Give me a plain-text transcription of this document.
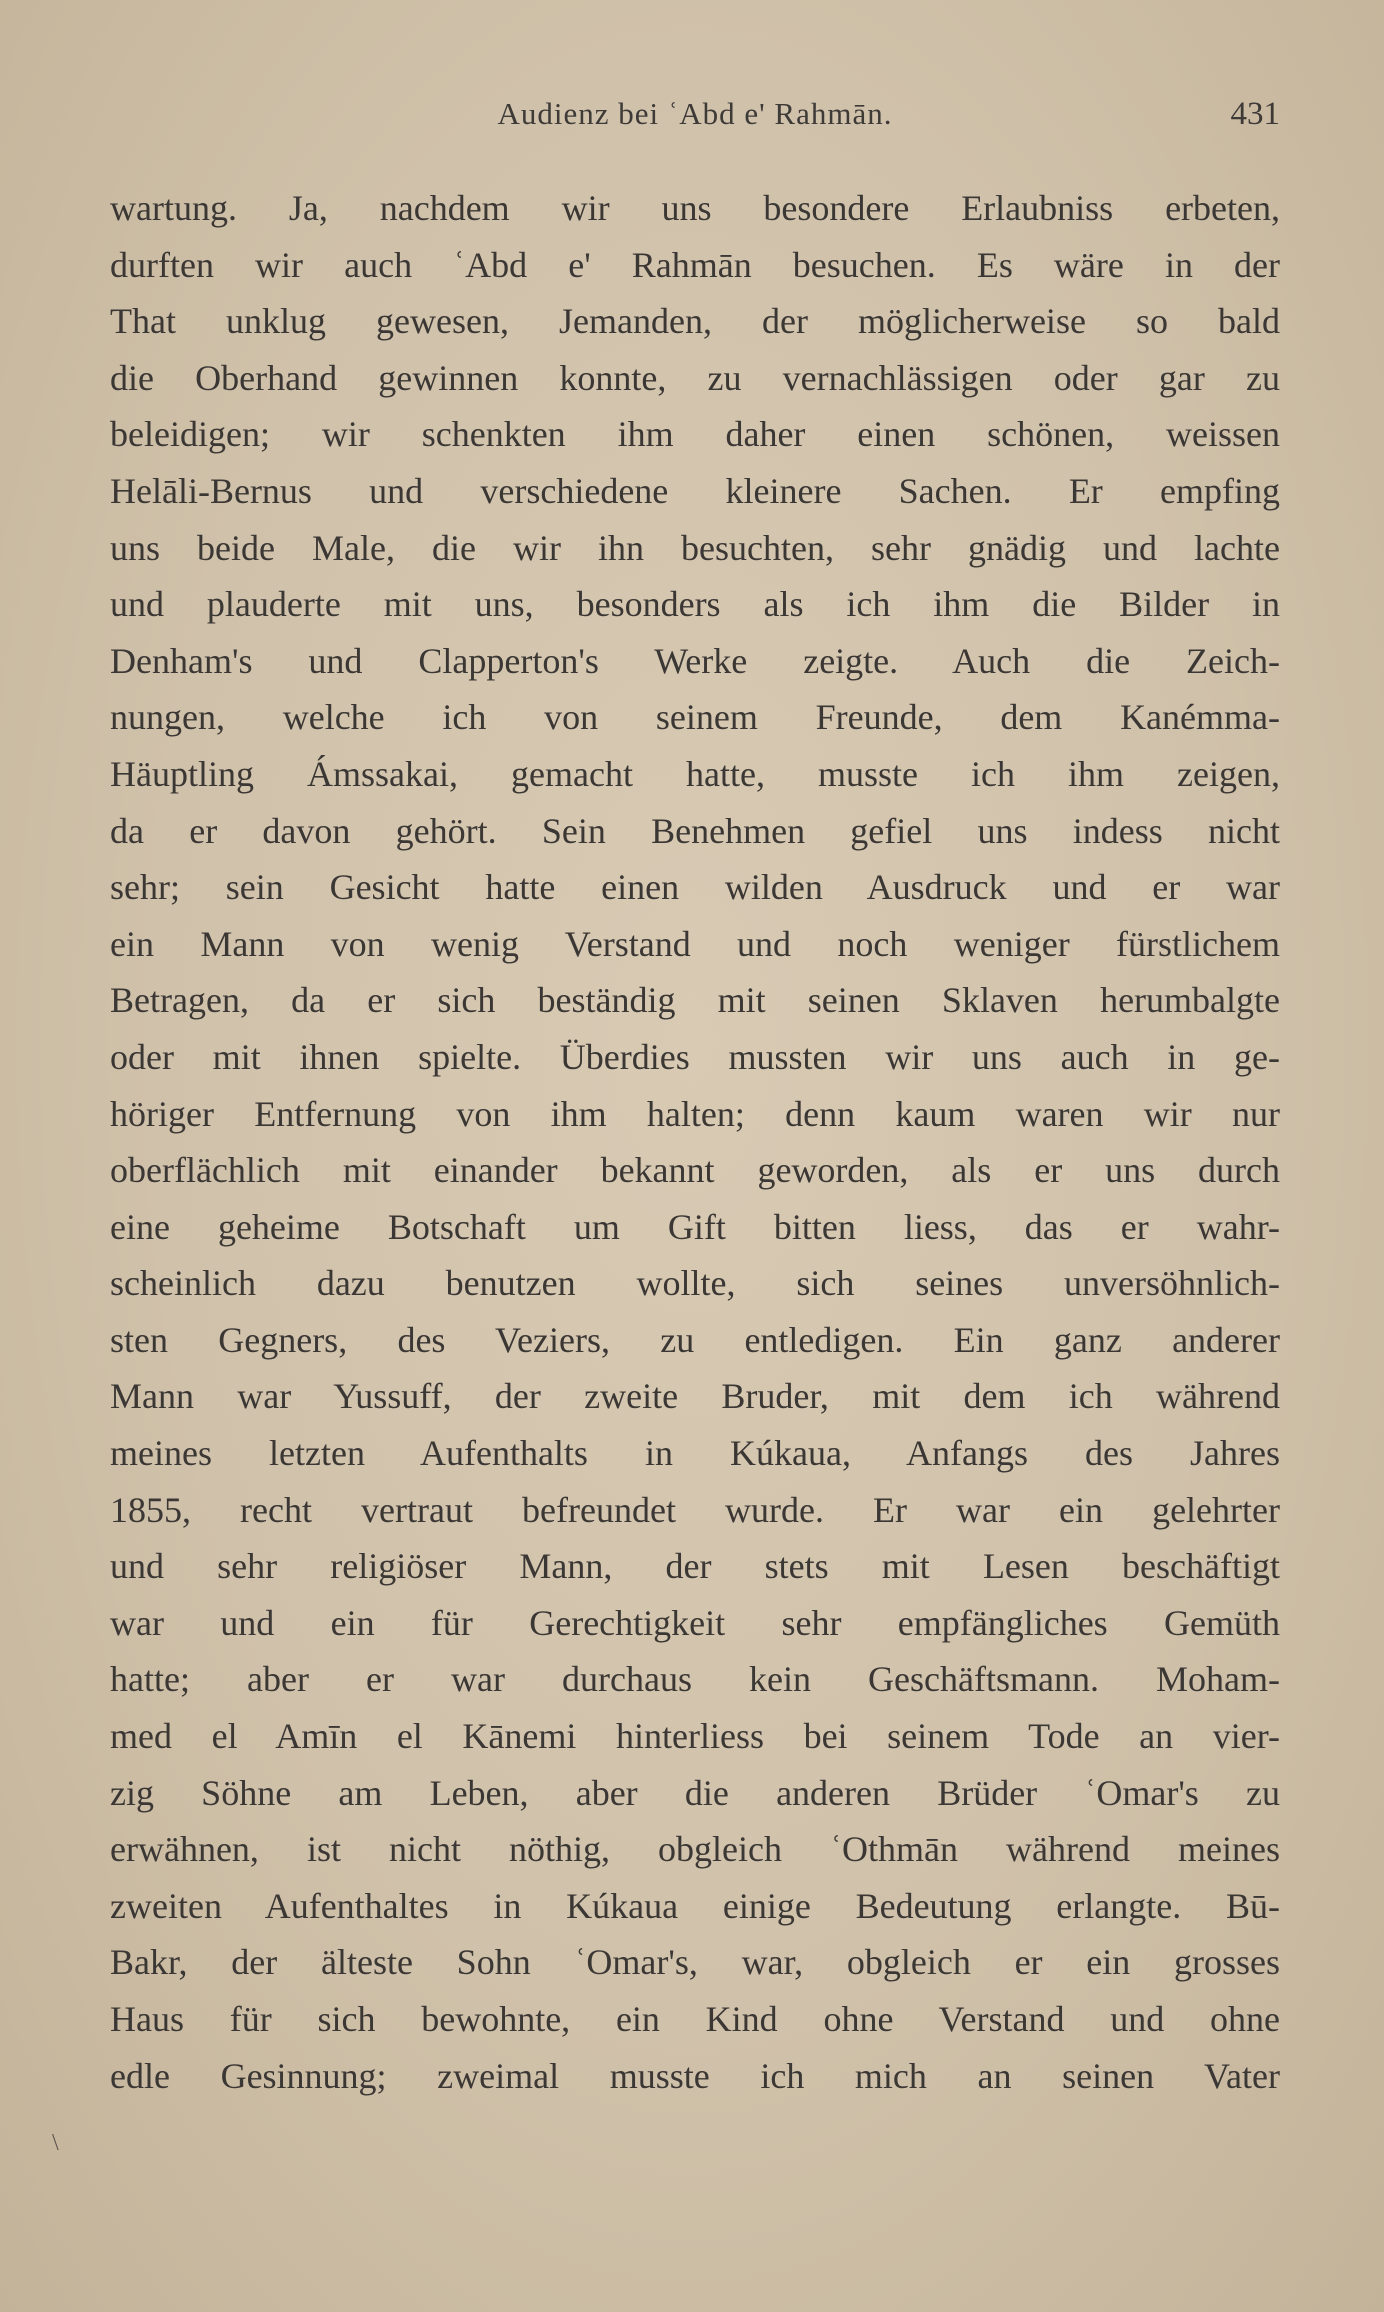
Audienz bei ʿAbd e' Rahmān.	431
wartung. Ja, nachdem wir uns besondere Erlaubniss erbeten,
durften wir auch ʿAbd e' Rahmān besuchen. Es wäre in der
That unklug gewesen, Jemanden, der möglicherweise so bald
die Oberhand gewinnen konnte, zu vernachlässigen oder gar zu
beleidigen; wir schenkten ihm daher einen schönen, weissen
Helāli-Bernus und verschiedene kleinere Sachen. Er empfing
uns beide Male, die wir ihn besuchten, sehr gnädig und lachte
und plauderte mit uns, besonders als ich ihm die Bilder in
Denham's und Clapperton's Werke zeigte. Auch die Zeich-
nungen, welche ich von seinem Freunde, dem Kanémma-
Häuptling Ámssakai, gemacht hatte, musste ich ihm zeigen,
da er davon gehört. Sein Benehmen gefiel uns indess nicht
sehr; sein Gesicht hatte einen wilden Ausdruck und er war
ein Mann von wenig Verstand und noch weniger fürstlichem
Betragen, da er sich beständig mit seinen Sklaven herumbalgte
oder mit ihnen spielte. Überdies mussten wir uns auch in ge-
höriger Entfernung von ihm halten; denn kaum waren wir nur
oberflächlich mit einander bekannt geworden, als er uns durch
eine geheime Botschaft um Gift bitten liess, das er wahr-
scheinlich dazu benutzen wollte, sich seines unversöhnlich-
sten Gegners, des Veziers, zu entledigen. Ein ganz anderer
Mann war Yussuff, der zweite Bruder, mit dem ich während
meines letzten Aufenthalts in Kúkaua, Anfangs des Jahres
1855, recht vertraut befreundet wurde. Er war ein gelehrter
und sehr religiöser Mann, der stets mit Lesen beschäftigt
war und ein für Gerechtigkeit sehr empfängliches Gemüth
hatte; aber er war durchaus kein Geschäftsmann. Moham-
med el Amīn el Kānemi hinterliess bei seinem Tode an vier-
zig Söhne am Leben, aber die anderen Brüder ʿOmar's zu
erwähnen, ist nicht nöthig, obgleich ʿOthmān während meines
zweiten Aufenthaltes in Kúkaua einige Bedeutung erlangte. Bū-
Bakr, der älteste Sohn ʿOmar's, war, obgleich er ein grosses
Haus für sich bewohnte, ein Kind ohne Verstand und ohne
edle Gesinnung; zweimal musste ich mich an seinen Vater
\
